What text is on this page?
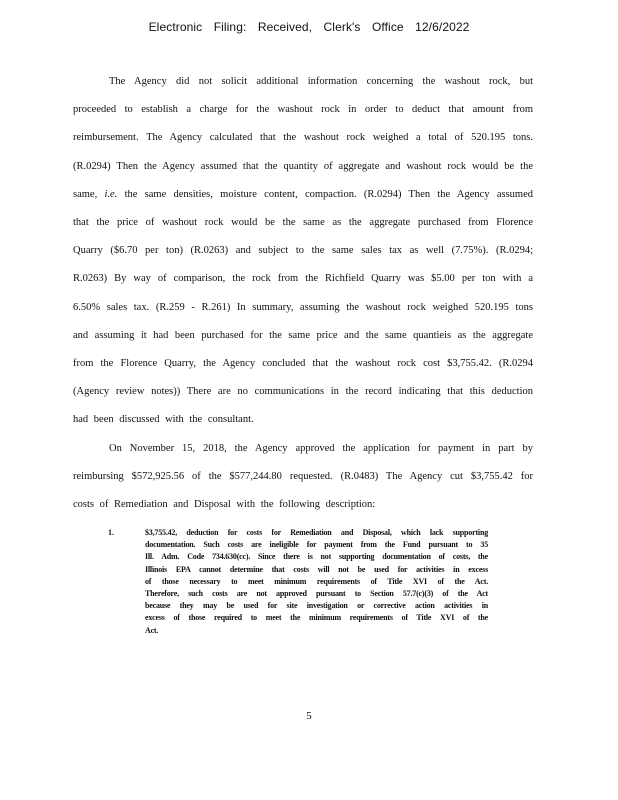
Electronic Filing: Received, Clerk's Office 12/6/2022

The Agency did not solicit additional information concerning the washout rock, but proceeded to establish a charge for the washout rock in order to deduct that amount from reimbursement. The Agency calculated that the washout rock weighed a total of 520.195 tons. (R.0294) Then the Agency assumed that the quantity of aggregate and washout rock would be the same, i.e. the same densities, moisture content, compaction. (R.0294) Then the Agency assumed that the price of washout rock would be the same as the aggregate purchased from Florence Quarry ($6.70 per ton) (R.0263) and subject to the same sales tax as well (7.75%). (R.0294; R.0263) By way of comparison, the rock from the Richfield Quarry was $5.00 per ton with a 6.50% sales tax. (R.259 - R.261) In summary, assuming the washout rock weighed 520.195 tons and assuming it had been purchased for the same price and the same quantieis as the aggregate from the Florence Quarry, the Agency concluded that the washout rock cost $3,755.42. (R.0294 (Agency review notes)) There are no communications in the record indicating that this deduction had been discussed with the consultant.

On November 15, 2018, the Agency approved the application for payment in part by reimbursing $572,925.56 of the $577,244.80 requested. (R.0483) The Agency cut $3,755.42 for costs of Remediation and Disposal with the following description:

1.	$3,755.42, deduction for costs for Remediation and Disposal, which lack supporting documentation. Such costs are ineligible for payment from the Fund pursuant to 35 Ill. Adm. Code 734.630(cc). Since there is not supporting documentation of costs, the Illinois EPA cannot determine that costs will not be used for activities in excess of those necessary to meet minimum requirements of Title XVI of the Act. Therefore, such costs are not approved pursuant to Section 57.7(c)(3) of the Act because they may be used for site investigation or corrective action activities in excess of those required to meet the minimum requirements of Title XVI of the Act.
5
